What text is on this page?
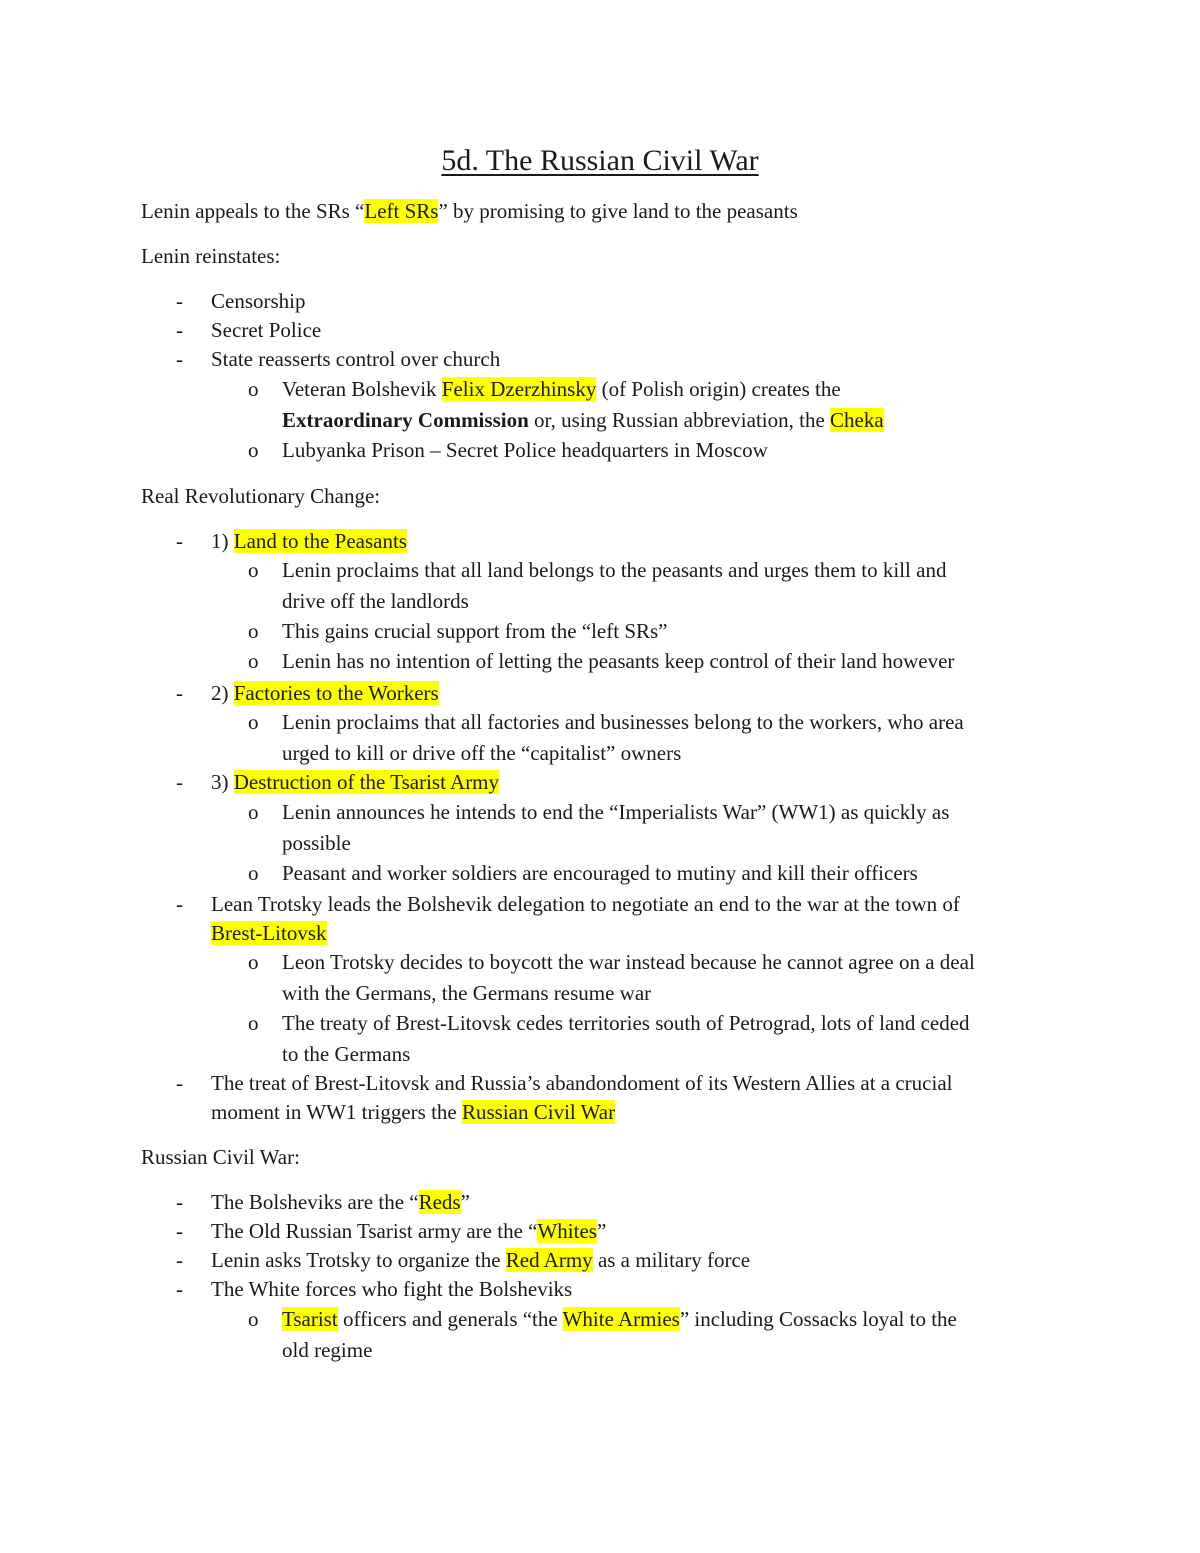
5d. The Russian Civil War
Lenin appeals to the SRs “Left SRs” by promising to give land to the peasants
Lenin reinstates:
- Censorship
- Secret Police
- State reasserts control over church
o Veteran Bolshevik Felix Dzerzhinsky (of Polish origin) creates the
Extraordinary Commission or, using Russian abbreviation, the Cheka
o Lubyanka Prison – Secret Police headquarters in Moscow
Real Revolutionary Change:
- 1) Land to the Peasants
o Lenin proclaims that all land belongs to the peasants and urges them to kill and
drive off the landlords
o This gains crucial support from the “left SRs”
o Lenin has no intention of letting the peasants keep control of their land however
- 2) Factories to the Workers
o Lenin proclaims that all factories and businesses belong to the workers, who area
urged to kill or drive off the “capitalist” owners
- 3) Destruction of the Tsarist Army
o Lenin announces he intends to end the “Imperialists War” (WW1) as quickly as
possible
o Peasant and worker soldiers are encouraged to mutiny and kill their officers
- Lean Trotsky leads the Bolshevik delegation to negotiate an end to the war at the town of
Brest-Litovsk
o Leon Trotsky decides to boycott the war instead because he cannot agree on a deal
with the Germans, the Germans resume war
o The treaty of Brest-Litovsk cedes territories south of Petrograd, lots of land ceded
to the Germans
- The treat of Brest-Litovsk and Russia’s abandondoment of its Western Allies at a crucial
moment in WW1 triggers the Russian Civil War
Russian Civil War:
- The Bolsheviks are the “Reds”
- The Old Russian Tsarist army are the “Whites”
- Lenin asks Trotsky to organize the Red Army as a military force
- The White forces who fight the Bolsheviks
o Tsarist officers and generals “the White Armies” including Cossacks loyal to the
old regime
